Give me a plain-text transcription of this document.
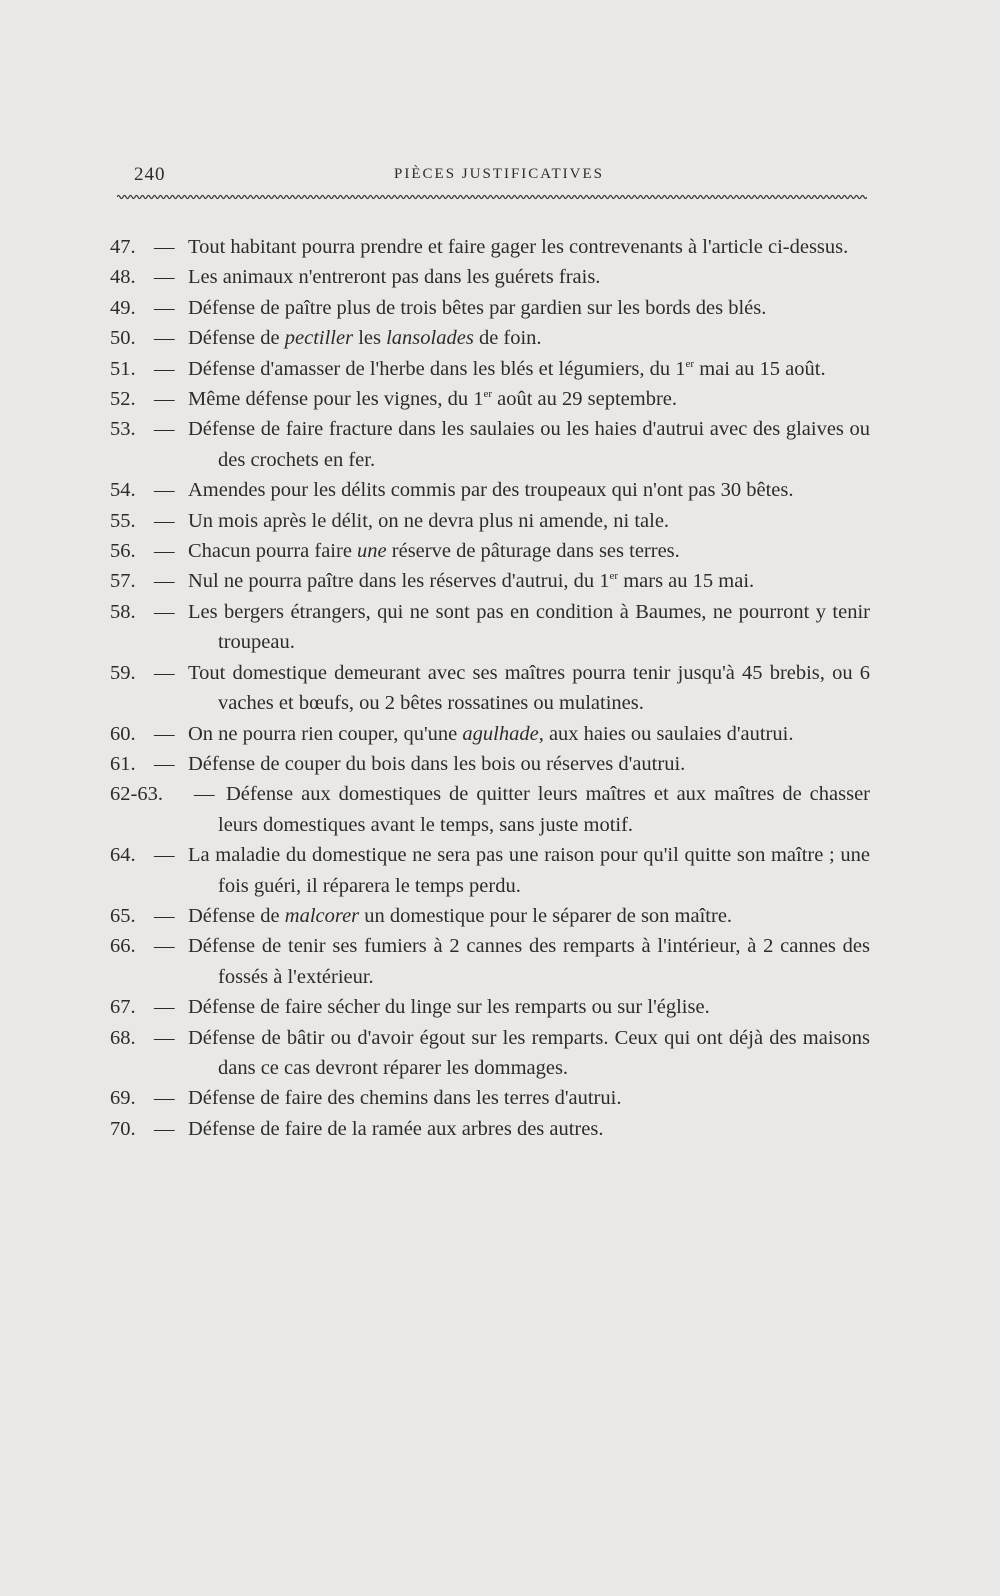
240	PIÈCES JUSTIFICATIVES
47. — Tout habitant pourra prendre et faire gager les contrevenants à l'article ci-dessus.
48. — Les animaux n'entreront pas dans les guérets frais.
49. — Défense de paître plus de trois bêtes par gardien sur les bords des blés.
50. — Défense de pectiller les lansolades de foin.
51. — Défense d'amasser de l'herbe dans les blés et légumiers, du 1er mai au 15 août.
52. — Même défense pour les vignes, du 1er août au 29 septembre.
53. — Défense de faire fracture dans les saulaies ou les haies d'autrui avec des glaives ou des crochets en fer.
54. — Amendes pour les délits commis par des troupeaux qui n'ont pas 30 bêtes.
55. — Un mois après le délit, on ne devra plus ni amende, ni tale.
56. — Chacun pourra faire une réserve de pâturage dans ses terres.
57. — Nul ne pourra paître dans les réserves d'autrui, du 1er mars au 15 mai.
58. — Les bergers étrangers, qui ne sont pas en condition à Baumes, ne pourront y tenir troupeau.
59. — Tout domestique demeurant avec ses maîtres pourra tenir jusqu'à 45 brebis, ou 6 vaches et bœufs, ou 2 bêtes rossatines ou mulatines.
60. — On ne pourra rien couper, qu'une agulhade, aux haies ou saulaies d'autrui.
61. — Défense de couper du bois dans les bois ou réserves d'autrui.
62-63.	— Défense aux domestiques de quitter leurs maîtres et aux maîtres de chasser leurs domestiques avant le temps, sans juste motif.
64. — La maladie du domestique ne sera pas une raison pour qu'il quitte son maître ; une fois guéri, il réparera le temps perdu.
65. — Défense de malcorer un domestique pour le séparer de son maître.
66. — Défense de tenir ses fumiers à 2 cannes des remparts à l'intérieur, à 2 cannes des fossés à l'extérieur.
67. — Défense de faire sécher du linge sur les remparts ou sur l'église.
68. — Défense de bâtir ou d'avoir égout sur les remparts. Ceux qui ont déjà des maisons dans ce cas devront réparer les dommages.
69. — Défense de faire des chemins dans les terres d'autrui.
70. — Défense de faire de la ramée aux arbres des autres.
